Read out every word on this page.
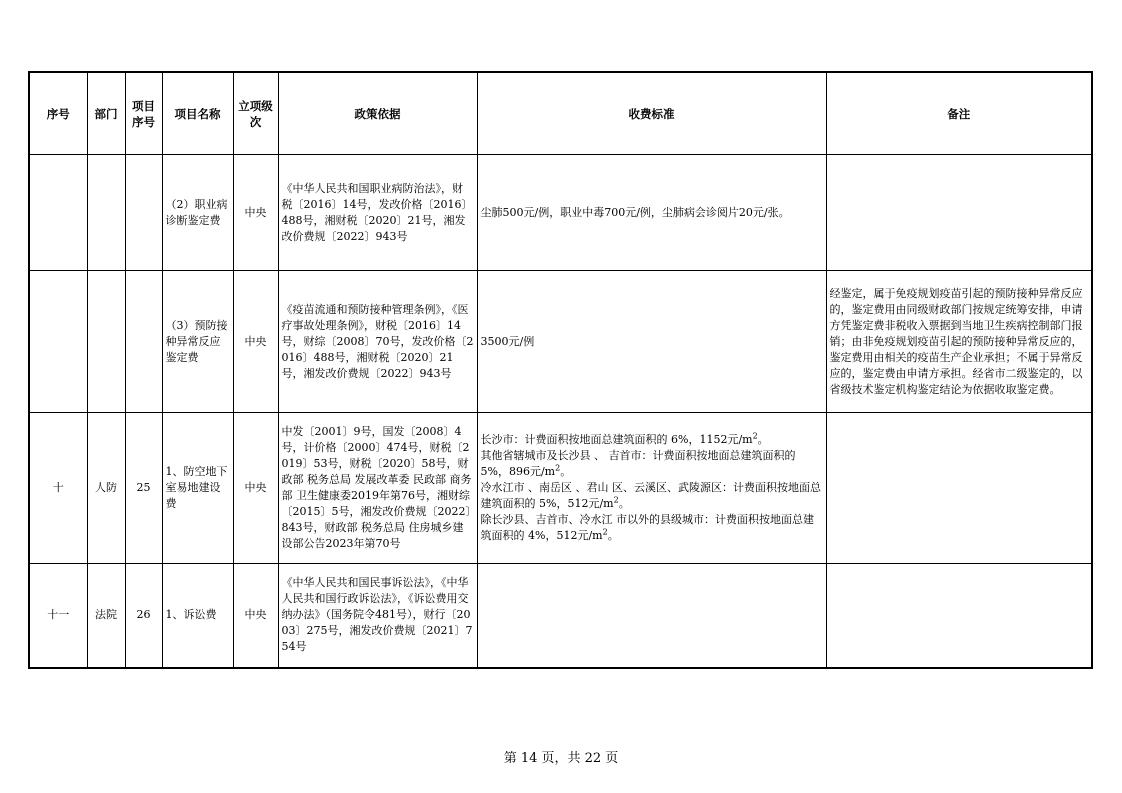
序号	部门	项目序号	项目名称	立项级次	政策依据	收费标准	备注
			（2）职业病诊断鉴定费	中央	《中华人民共和国职业病防治法》，财税〔2016〕14号，发改价格〔2016〕488号，湘财税〔2020〕21号，湘发改价费规〔2022〕943号	尘肺500元/例，职业中毒700元/例，尘肺病会诊阅片20元/张。	
			（3）预防接种异常反应鉴定费	中央	《疫苗流通和预防接种管理条例》，《医疗事故处理条例》，财税〔2016〕14号，财综〔2008〕70号，发改价格〔2016〕488号，湘财税〔2020〕21号，湘发改价费规〔2022〕943号	3500元/例	经鉴定，属于免疫规划疫苗引起的预防接种异常反应的，鉴定费用由同级财政部门按规定统筹安排，申请方凭鉴定费非税收入票据到当地卫生疾病控制部门报销；由非免疫规划疫苗引起的预防接种异常反应的，鉴定费用由相关的疫苗生产企业承担；不属于异常反应的，鉴定费由申请方承担。经省市二级鉴定的，以省级技术鉴定机构鉴定结论为依据收取鉴定费。
十	人防	25	1、防空地下室易地建设费	中央	中发〔2001〕9号，国发〔2008〕4号，计价格〔2000〕474号，财税〔2019〕53号，财税〔2020〕58号，财政部 税务总局 发展改革委 民政部 商务部 卫生健康委2019年第76号，湘财综〔2015〕5号，湘发改价费规〔2022〕843号，财政部 税务总局 住房城乡建设部公告2023年第70号	长沙市：计费面积按地面总建筑面积的 6%，1152元$/m^2$。
其他省辖城市及长沙县 、 吉首市：计费面积按地面总建筑面积的5%，896元$/m^2$。
冷水江市 、南岳区 、君山 区、云溪区、武陵源区：计费面积按地面总建筑面积的 5%，512元$/m^2$。
除长沙县、吉首市、冷水江 市以外的县级城市：计费面积按地面总建筑面积的 4%，512元$/m^2$。	

十一	法院	26	1、诉讼费	中央	《中华人民共和国民事诉讼法》，《中华人民共和国行政诉讼法》，《诉讼费用交纳办法》（国务院令481号），财行〔2003〕275号，湘发改价费规〔2021〕754号		
第 14 页，共 22 页
